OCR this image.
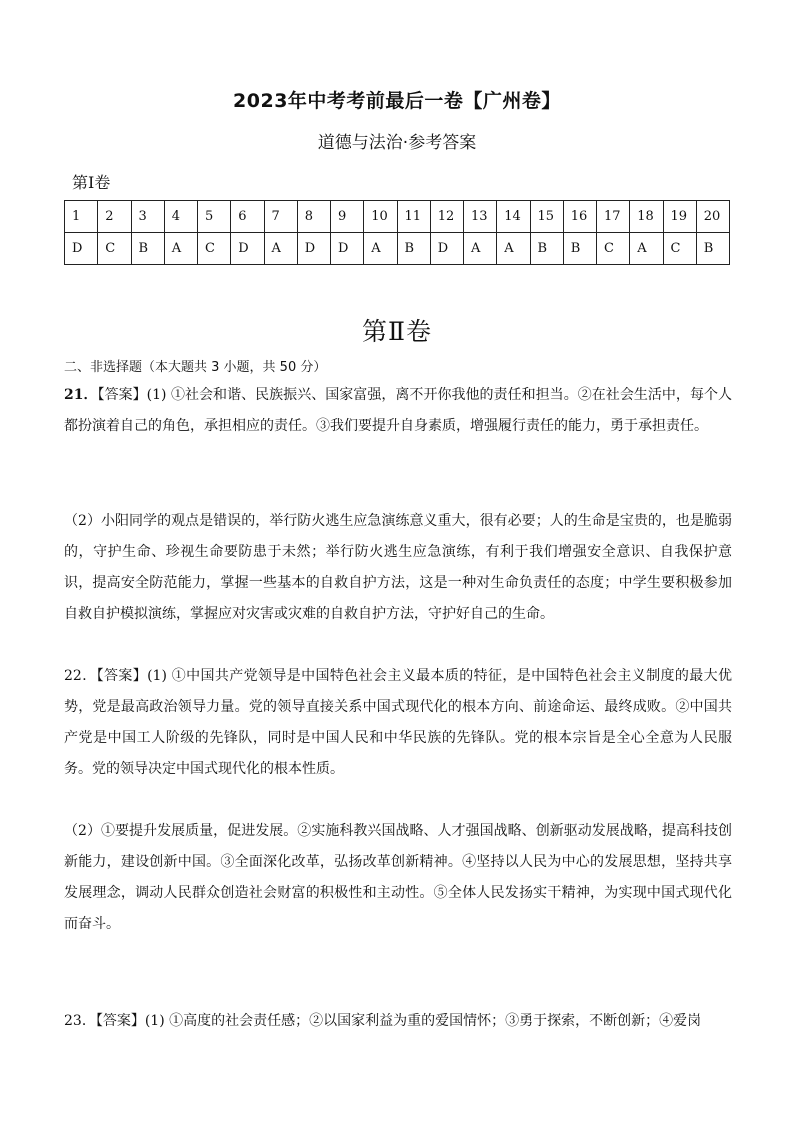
2023年中考考前最后一卷【广州卷】
道德与法治·参考答案
第Ⅰ卷
1	2	3	4	5	6	7	8	9	10	11	12	13	14	15	16	17	18	19	20
D	C	B	A	C	D	A	D	D	A	B	D	A	A	B	B	C	A	C	B
第Ⅱ卷
二、非选择题（本大题共 3 小题，共 50 分）
21．【答案】(1) ①社会和谐、民族振兴、国家富强，离不开你我他的责任和担当。②在社会生活中，每个人都扮演着自己的角色，承担相应的责任。③我们要提升自身素质，增强履行责任的能力，勇于承担责任。
（2）小阳同学的观点是错误的，举行防火逃生应急演练意义重大，很有必要；人的生命是宝贵的，也是脆弱的，守护生命、珍视生命要防患于未然；举行防火逃生应急演练，有利于我们增强安全意识、自我保护意识，提高安全防范能力，掌握一些基本的自救自护方法，这是一种对生命负责任的态度；中学生要积极参加自救自护模拟演练，掌握应对灾害或灾难的自救自护方法，守护好自己的生命。
22．【答案】(1) ①中国共产党领导是中国特色社会主义最本质的特征，是中国特色社会主义制度的最大优势，党是最高政治领导力量。党的领导直接关系中国式现代化的根本方向、前途命运、最终成败。②中国共产党是中国工人阶级的先锋队，同时是中国人民和中华民族的先锋队。党的根本宗旨是全心全意为人民服务。党的领导决定中国式现代化的根本性质。
（2）①要提升发展质量，促进发展。②实施科教兴国战略、人才强国战略、创新驱动发展战略，提高科技创新能力，建设创新中国。③全面深化改革，弘扬改革创新精神。④坚持以人民为中心的发展思想，坚持共享发展理念，调动人民群众创造社会财富的积极性和主动性。⑤全体人民发扬实干精神，为实现中国式现代化而奋斗。
23．【答案】(1) ①高度的社会责任感；②以国家利益为重的爱国情怀；③勇于探索，不断创新；④爱岗
